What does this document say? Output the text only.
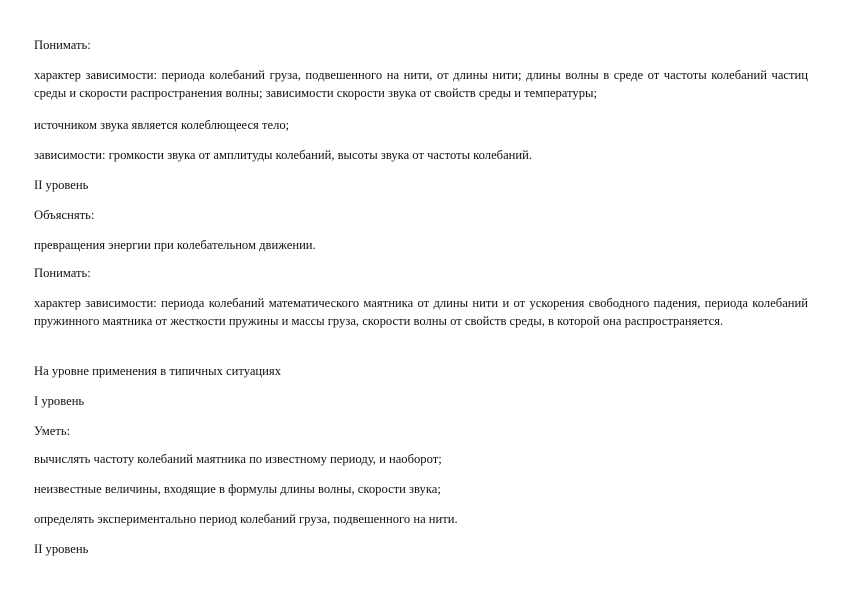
Понимать:

характер зависимости: периода колебаний груза, подвешенного на нити, от длины нити; длины волны в среде от частоты колебаний частиц среды и скорости распространения волны; зависимости скорости звука от свойств среды и температуры;

источником звука является колеблющееся тело;

зависимости: громкости звука от амплитуды колебаний, высоты звука от частоты колебаний.

II уровень

Объяснять:

превращения энергии при колебательном движении.

Понимать:

характер зависимости: периода колебаний математического маятника от длины нити и от ускорения свободного падения, периода колебаний пружинного маятника от жесткости пружины и массы груза, скорости волны от свойств среды, в которой она распространяется.

На уровне применения в типичных ситуациях

I уровень

Уметь:

вычислять частоту колебаний маятника по известному периоду, и наоборот;

неизвестные величины, входящие в формулы длины волны, скорости звука;

определять экспериментально период колебаний груза, подвешенного на нити.

II уровень
